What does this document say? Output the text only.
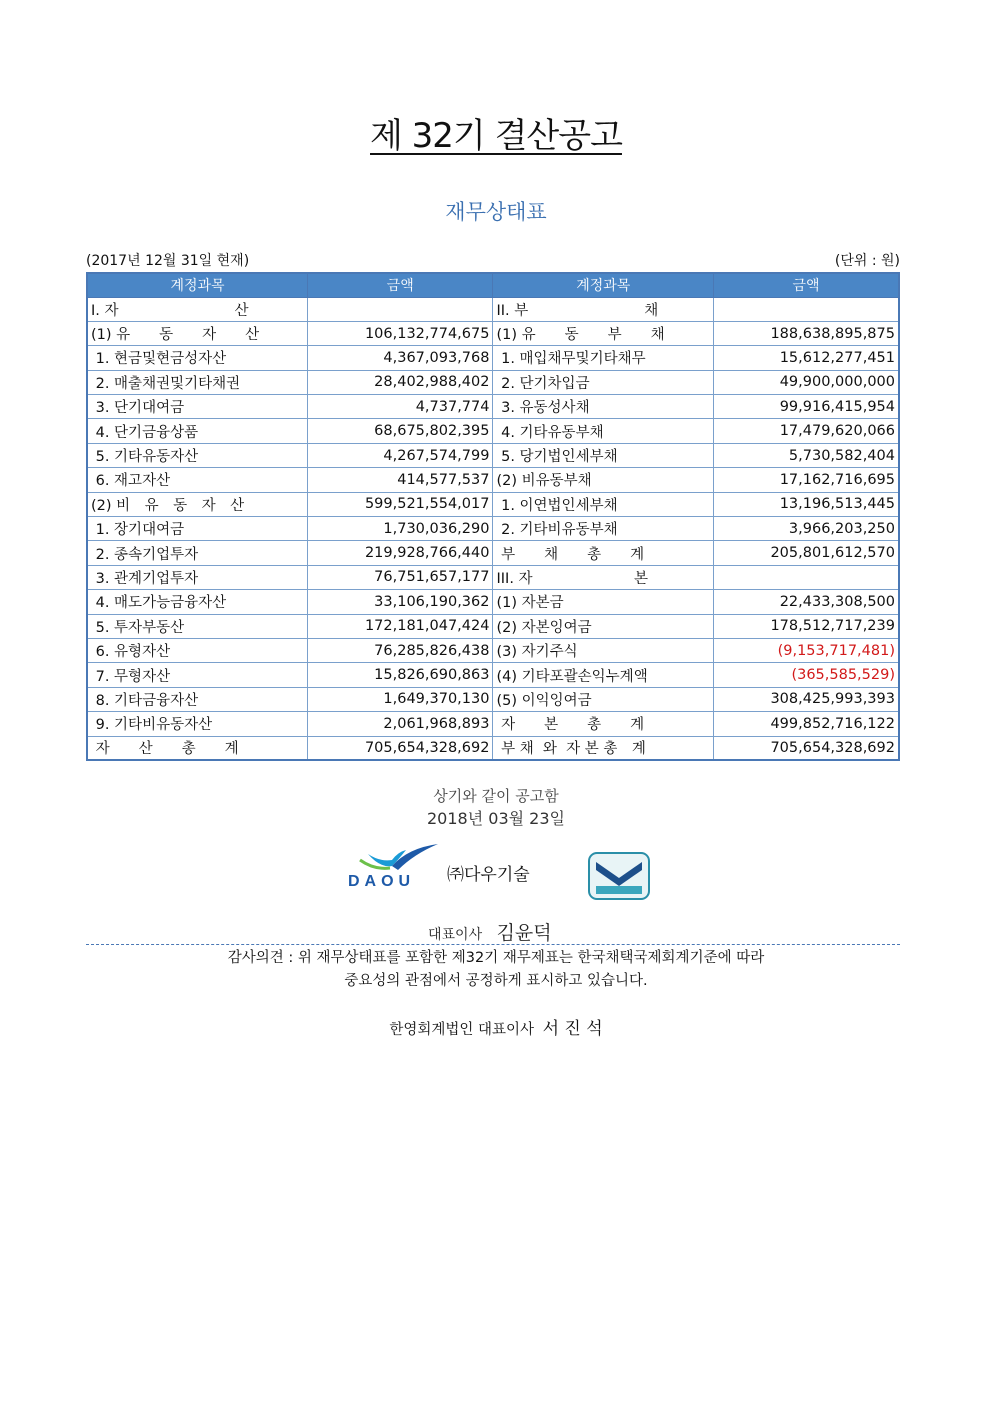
제 32기 결산공고
재무상태표
(2017년 12월 31일 현재)	(단위 : 원)
계정과목	금액	계정과목	금액
I. 자　　　　　　　　산		II. 부　　　　　　　　채	
(1) 유　　동　　자　　산	106,132,774,675	(1) 유　　동　　부　　채	188,638,895,875
1. 현금및현금성자산	4,367,093,768	1. 매입채무및기타채무	15,612,277,451
2. 매출채권및기타채권	28,402,988,402	2. 단기차입금	49,900,000,000
3. 단기대여금	4,737,774	3. 유동성사채	99,916,415,954
4. 단기금융상품	68,675,802,395	4. 기타유동부채	17,479,620,066
5. 기타유동자산	4,267,574,799	5. 당기법인세부채	5,730,582,404
6. 재고자산	414,577,537	(2) 비유동부채	17,162,716,695
(2) 비　유　동　자　산	599,521,554,017	1. 이연법인세부채	13,196,513,445
1. 장기대여금	1,730,036,290	2. 기타비유동부채	3,966,203,250
2. 종속기업투자	219,928,766,440	부　　채　　총　　계	205,801,612,570
3. 관계기업투자	76,751,657,177	III. 자　　　　　　　본	
4. 매도가능금융자산	33,106,190,362	(1) 자본금	22,433,308,500
5. 투자부동산	172,181,047,424	(2) 자본잉여금	178,512,717,239
6. 유형자산	76,285,826,438	(3) 자기주식	(9,153,717,481)
7. 무형자산	15,826,690,863	(4) 기타포괄손익누계액	(365,585,529)
8. 기타금융자산	1,649,370,130	(5) 이익잉여금	308,425,993,393
9. 기타비유동자산	2,061,968,893	자　　본　　총　　계	499,852,716,122
자　　산　　총　　계	705,654,328,692	부 채  와  자 본 총　계	705,654,328,692
상기와 같이 공고함
2018년 03월 23일
DAOU ㈜다우기술
대표이사 김윤덕
감사의견 : 위 재무상태표를 포함한 제32기 재무제표는 한국채택국제회계기준에 따라
중요성의 관점에서 공정하게 표시하고 있습니다.
한영회계법인 대표이사 서 진 석
